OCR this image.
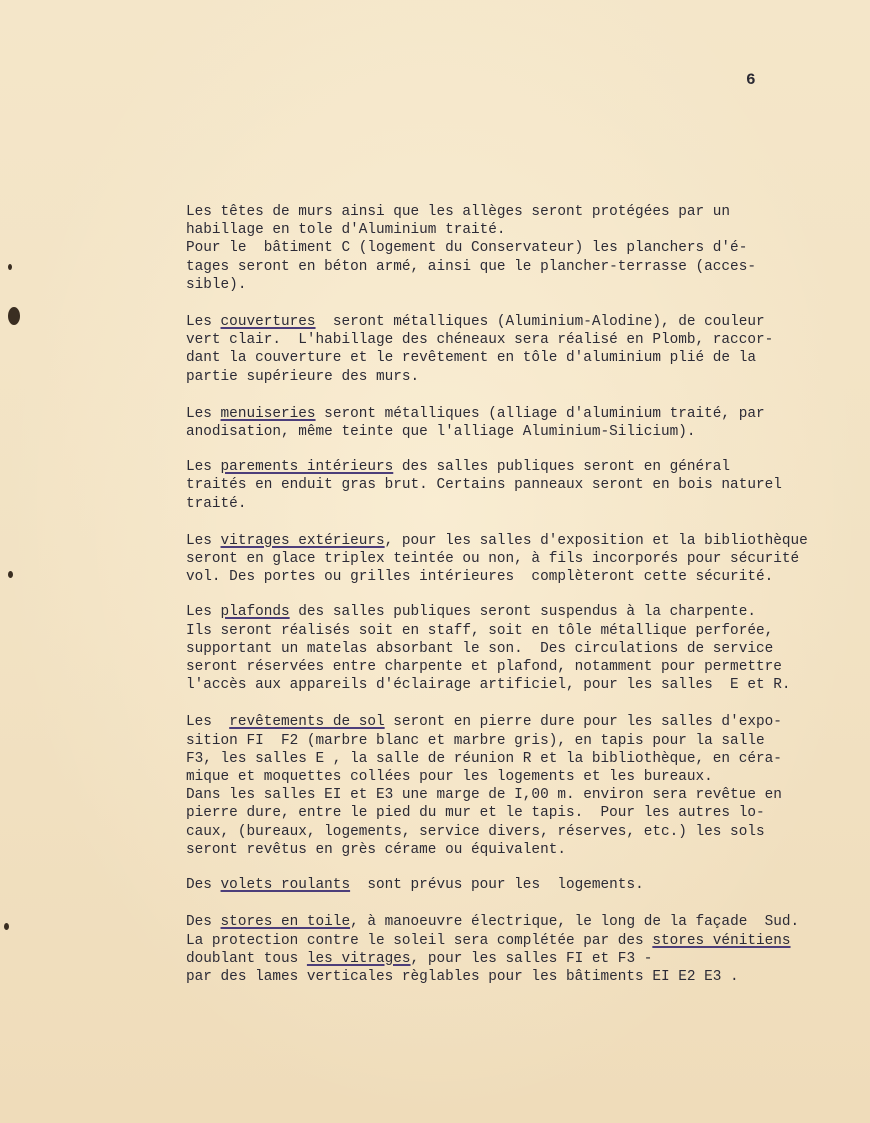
6
Les têtes de murs ainsi que les allèges seront protégées par un
habillage en tole d'Aluminium traité.
Pour le  bâtiment C (logement du Conservateur) les planchers d'é-
tages seront en béton armé, ainsi que le plancher-terrasse (acces-
sible).
Les couvertures  seront métalliques (Aluminium-Alodine), de couleur
vert clair.  L'habillage des chéneaux sera réalisé en Plomb, raccor-
dant la couverture et le revêtement en tôle d'aluminium plié de la
partie supérieure des murs.
Les menuiseries seront métalliques (alliage d'aluminium traité, par
anodisation, même teinte que l'alliage Aluminium-Silicium).
Les parements intérieurs des salles publiques seront en général
traités en enduit gras brut. Certains panneaux seront en bois naturel
traité.
Les vitrages extérieurs, pour les salles d'exposition et la bibliothèque
seront en glace triplex teintée ou non, à fils incorporés pour sécurité
vol. Des portes ou grilles intérieures  complèteront cette sécurité.
Les plafonds des salles publiques seront suspendus à la charpente.
Ils seront réalisés soit en staff, soit en tôle métallique perforée,
supportant un matelas absorbant le son.  Des circulations de service
seront réservées entre charpente et plafond, notamment pour permettre
l'accès aux appareils d'éclairage artificiel, pour les salles  E et R.
Les  revêtements de sol seront en pierre dure pour les salles d'expo-
sition FI  F2 (marbre blanc et marbre gris), en tapis pour la salle
F3, les salles E , la salle de réunion R et la bibliothèque, en céra-
mique et moquettes collées pour les logements et les bureaux.
Dans les salles EI et E3 une marge de I,00 m. environ sera revêtue en
pierre dure, entre le pied du mur et le tapis.  Pour les autres lo-
caux, (bureaux, logements, service divers, réserves, etc.) les sols
seront revêtus en grès cérame ou équivalent.
Des volets roulants  sont prévus pour les  logements.
Des stores en toile, à manoeuvre électrique, le long de la façade  Sud.
La protection contre le soleil sera complétée par des stores vénitiens
doublant tous les vitrages, pour les salles FI et F3 -
par des lames verticales règlables pour les bâtiments EI E2 E3 .
